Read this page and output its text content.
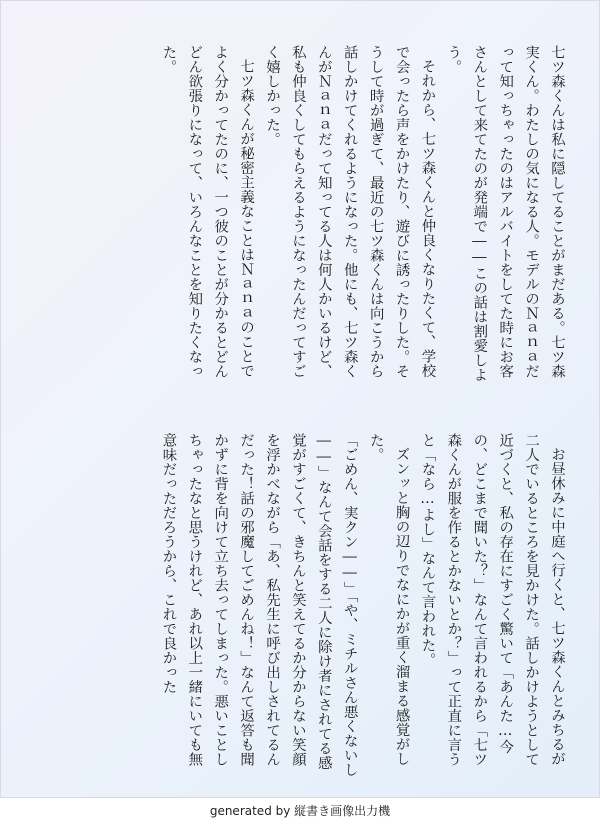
七ツ森くんは私に隠してることがまだある。七ツ森実くん。わたしの気になる人。モデルのＮａｎａだって知っちゃったのはアルバイトをしてた時にお客さんとして来てたのが発端で――この話は割愛しよう。

それから、七ツ森くんと仲良くなりたくて、学校で会ったら声をかけたり、遊びに誘ったりした。そうして時が過ぎて、最近の七ツ森くんは向こうから話しかけてくれるようになった。他にも、七ツ森くんがＮａｎａだって知ってる人は何人かいるけど、私も仲良くしてもらえるようになったんだってすごく嬉しかった。

七ツ森くんが秘密主義なことはＮａｎａのことでよく分かってたのに、一つ彼のことが分かるとどんどん欲張りになって、いろんなことを知りたくなった。

お昼休みに中庭へ行くと、七ツ森くんとみちるが二人でいるところを見かけた。話しかけようとして近づくと、私の存在にすごく驚いて「あんた…今の、どこまで聞いた？」なんて言われるから「七ツ森くんが服を作るとかないとか？」って正直に言うと「なら…よし」なんて言われた。

ズンッと胸の辺りでなにかが重く溜まる感覚がした。

「ごめん、実クン――」「や、ミチルさん悪くないし――」なんて会話をする二人に除け者にされてる感覚がすごくて、きちんと笑えてるか分からない笑顔を浮かべながら「あ、私先生に呼び出しされてるんだった！話の邪魔してごめんね！」なんて返答も聞かずに背を向けて立ち去ってしまった。悪いことしちゃったなと思うけれど、あれ以上一緒にいても無意味だっただろうから、これで良かった

generated by 縦書き画像出力機
